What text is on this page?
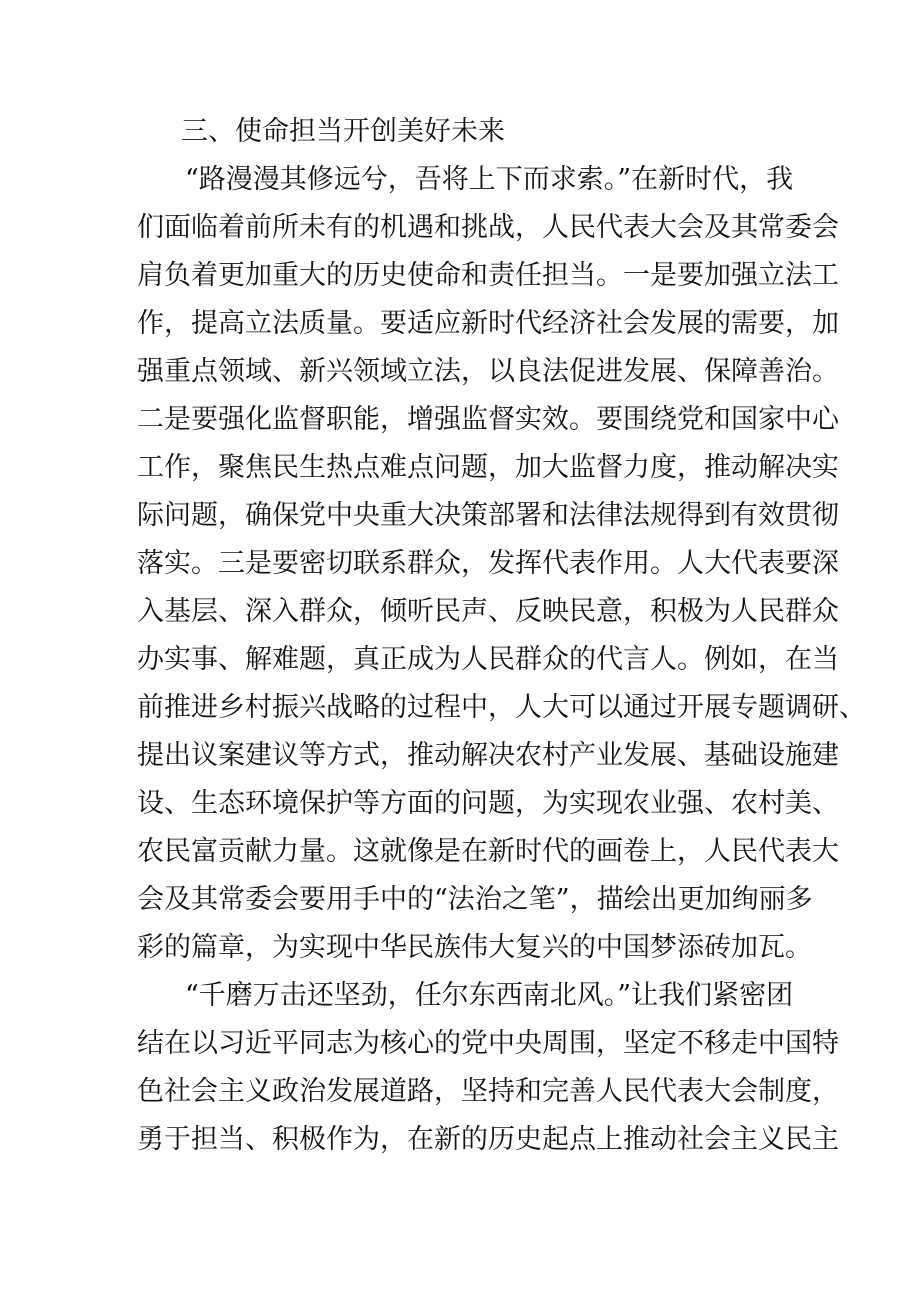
三、使命担当开创美好未来
“路漫漫其修远兮，吾将上下而求索。”在新时代，我
们面临着前所未有的机遇和挑战，人民代表大会及其常委会
肩负着更加重大的历史使命和责任担当。一是要加强立法工
作，提高立法质量。要适应新时代经济社会发展的需要，加
强重点领域、新兴领域立法，以良法促进发展、保障善治。
二是要强化监督职能，增强监督实效。要围绕党和国家中心
工作，聚焦民生热点难点问题，加大监督力度，推动解决实
际问题，确保党中央重大决策部署和法律法规得到有效贯彻
落实。三是要密切联系群众，发挥代表作用。人大代表要深
入基层、深入群众，倾听民声、反映民意，积极为人民群众
办实事、解难题，真正成为人民群众的代言人。例如，在当
前推进乡村振兴战略的过程中，人大可以通过开展专题调研、
提出议案建议等方式，推动解决农村产业发展、基础设施建
设、生态环境保护等方面的问题，为实现农业强、农村美、
农民富贡献力量。这就像是在新时代的画卷上，人民代表大
会及其常委会要用手中的“法治之笔”，描绘出更加绚丽多
彩的篇章，为实现中华民族伟大复兴的中国梦添砖加瓦。
“千磨万击还坚劲，任尔东西南北风。”让我们紧密团
结在以习近平同志为核心的党中央周围，坚定不移走中国特
色社会主义政治发展道路，坚持和完善人民代表大会制度，
勇于担当、积极作为，在新的历史起点上推动社会主义民主
